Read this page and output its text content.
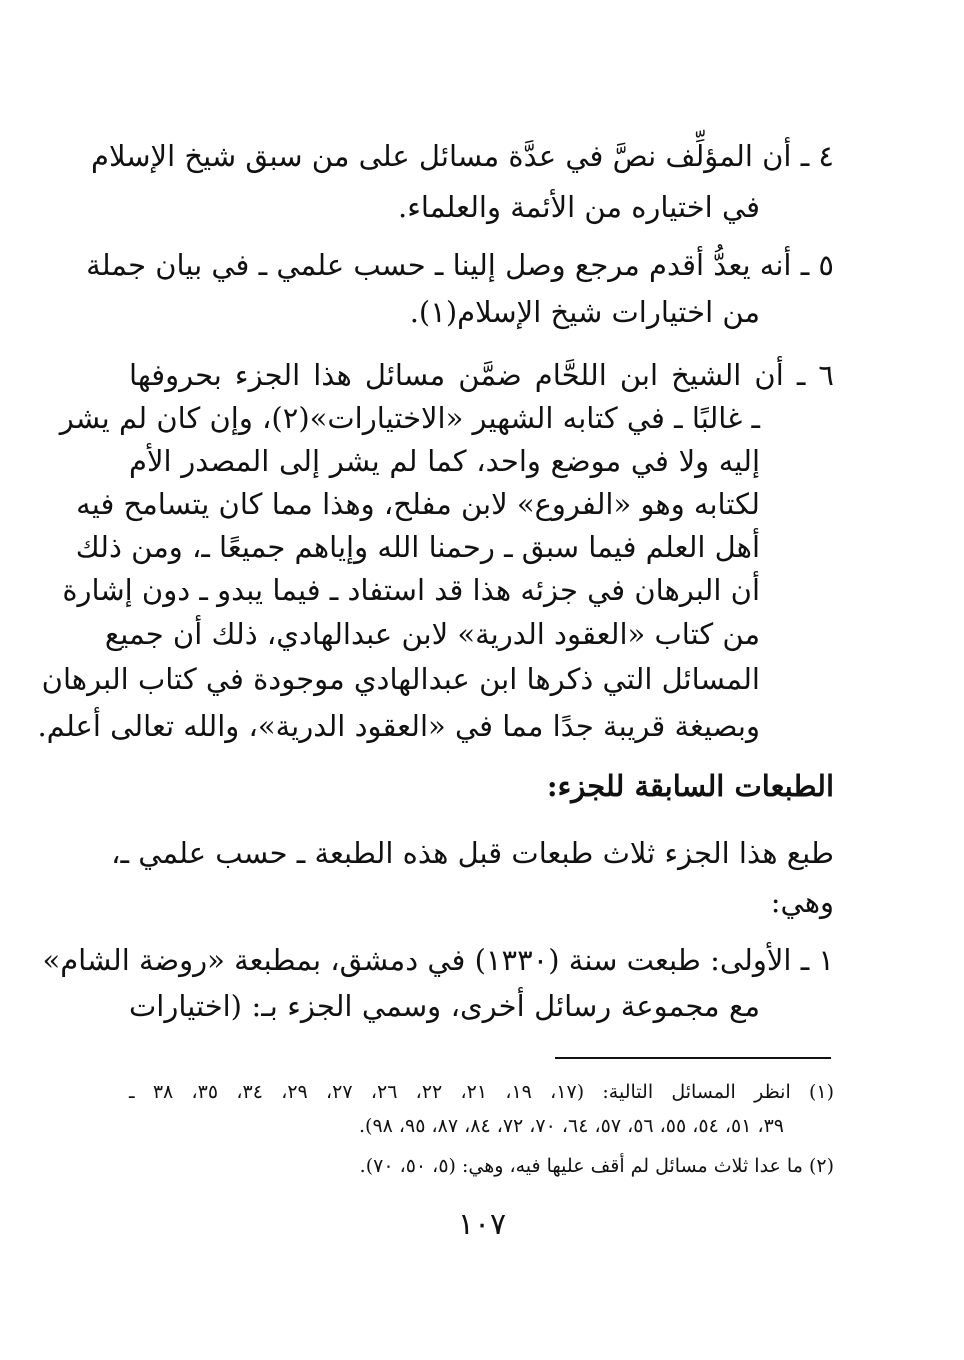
٤ ـ أن المؤلِّف نصَّ في عدَّة مسائل على من سبق شيخ الإسلام
في اختياره من الأئمة والعلماء.
٥ ـ أنه يعدُّ أقدم مرجع وصل إلينا ـ حسب علمي ـ في بيان جملة
من اختيارات شيخ الإسلام(١).
٦ ـ أن الشيخ ابن اللحَّام ضمَّن مسائل هذا الجزء بحروفها
ـ غالبًا ـ في كتابه الشهير «الاختيارات»(٢)، وإن كان لم يشر
إليه ولا في موضع واحد، كما لم يشر إلى المصدر الأم
لكتابه وهو «الفروع» لابن مفلح، وهذا مما كان يتسامح فيه
أهل العلم فيما سبق ـ رحمنا الله وإياهم جميعًا ـ، ومن ذلك
أن البرهان في جزئه هذا قد استفاد ـ فيما يبدو ـ دون إشارة
من كتاب «العقود الدرية» لابن عبدالهادي، ذلك أن جميع
المسائل التي ذكرها ابن عبدالهادي موجودة في كتاب البرهان
وبصيغة قريبة جدًا مما في «العقود الدرية»، والله تعالى أعلم.
الطبعات السابقة للجزء:
طبع هذا الجزء ثلاث طبعات قبل هذه الطبعة ـ حسب علمي ـ،
وهي:
١ ـ الأولى: طبعت سنة (١٣٣٠) في دمشق، بمطبعة «روضة الشام»
مع مجموعة رسائل أخرى، وسمي الجزء بـ: (اختيارات
(١) انظر المسائل التالية: (١٧، ١٩، ٢١، ٢٢، ٢٦، ٢٧، ٢٩، ٣٤، ٣٥، ٣٨ ـ
٣٩، ٥١، ٥٤، ٥٥، ٥٦، ٥٧، ٦٤، ٧٠، ٧٢، ٨٤، ٨٧، ٩٥، ٩٨).
(٢) ما عدا ثلاث مسائل لم أقف عليها فيه، وهي: (٥، ٥٠، ٧٠).
١٠٧
